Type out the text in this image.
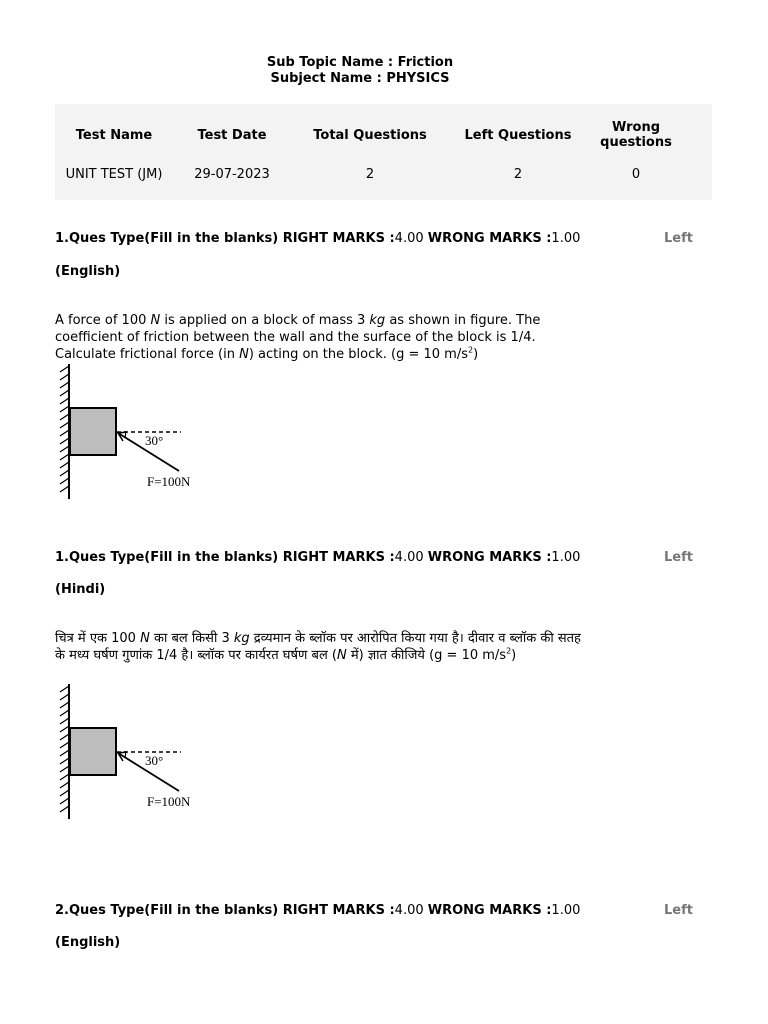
Sub Topic Name : Friction
Subject Name : PHYSICS
Test Name	Test Date	Total Questions	Left Questions	Wrong questions	
UNIT TEST (JM)	29-07-2023	2	2	0	
1.Ques Type(Fill in the blanks) RIGHT MARKS :4.00 WRONG MARKS :1.00	Left
(English)
A force of 100 N is applied on a block of mass 3 kg as shown in figure. The coefficient of friction between the wall and the surface of the block is 1/4. Calculate frictional force (in N) acting on the block. (g = 10 $m/s^2$)
30°
F=100N
1.Ques Type(Fill in the blanks) RIGHT MARKS :4.00 WRONG MARKS :1.00	Left
(Hindi)
चित्र में एक 100 N का बल किसी 3 kg द्रव्यमान के ब्लॉक पर आरोपित किया गया है। दीवार व ब्लॉक की सतह के मध्य घर्षण गुणांक 1/4 है। ब्लॉक पर कार्यरत घर्षण बल (N में) ज्ञात कीजिये (g = 10 $m/s^2$)
30°
F=100N
2.Ques Type(Fill in the blanks) RIGHT MARKS :4.00 WRONG MARKS :1.00	Left
(English)
